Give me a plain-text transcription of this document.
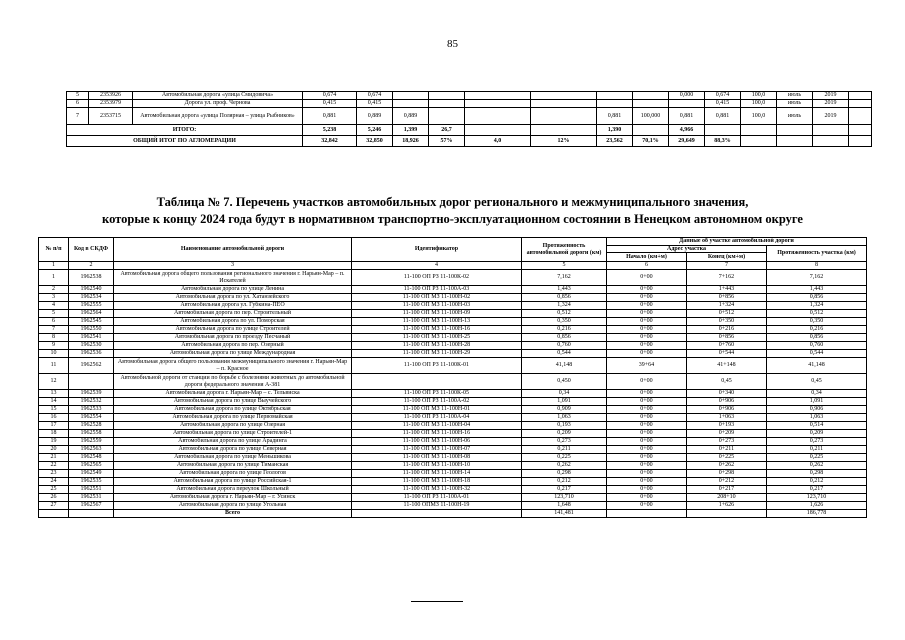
85
5	2353926	Автомобильная дорога «улица Смидовича»	0,674	0,674							0,000	0,674	100,0	июль	2019	
6	2353979	Дорога ул. проф. Чернова	0,415	0,415								0,415	100,0	июль	2019	
7	2353715	Автомобильная дорога «улица Полярная – улица Рыбников»	0,881	0,889	0,889				0,881	100,000	0,881	0,881	100,0	июль	2019	
ИТОГО:			5,238	5,246	1,399	26,7			1,390		4,966					
ОБЩИЙ ИТОГ ПО АГЛОМЕРАЦИИ			32,842	32,850	18,926	57%	4,0	12%	23,562	70,1%	29,649	88,3%				
Таблица № 7. Перечень участков автомобильных дорог регионального и межмуниципального значения,
которые к концу 2024 года будут в нормативном транспортно-эксплуатационном состоянии в Ненецком автономном округе
№ п/п	Код в СКДФ	Наименование автомобильной дороги	Идентификатор	Протяженность автомобильной дороги (км)	Данные об участке автомобильной дороги		
					Адрес участка		Протяженность участка (км)
					Начало (км+м)	Конец (км+м)	
1	2	3	4	5	6	7	8
1	1962538	Автомобильная дорога общего пользования регионального значения г. Нарьян-Мар – п. Искателей	11-100 ОП РЗ 11-100К-02	7,162	0+00	7+162	7,162
2	1962540	Автомобильная дорога по улице Ленина	11-100 ОП РЗ 11-100А-03	1,443	0+00	1+443	1,443
3	1962534	Автомобильная дорога по ул. Хатанзейского	11-100 ОП МЗ 11-100Н-02	0,856	0+00	0+856	0,856
4	1962555	Автомобильная дорога ул. Губкина-ПЕО	11-100 ОП МЗ 11-100Н-03	1,324	0+00	1+324	1,324
5	1962564	Автомобильная дорога по пер. Строительный	11-100 ОП МЗ 11-100Н-09	0,512	0+00	0+512	0,512
6	1962545	Автомобильная дорога по ул. Поморская	11-100 ОП МЗ 11-100Н-13	0,350	0+00	0+350	0,350
7	1962550	Автомобильная дорога по улице Строителей	11-100 ОП МЗ 11-100Н-16	0,216	0+00	0+216	0,216
8	1962541	Автомобильная дорога по проезду Песчаный	11-100 ОП МЗ 11-100Н-25	0,856	0+00	0+856	0,856
9	1962530	Автомобильная дорога по пер. Озерный	11-100 ОП МЗ 11-100Н-28	0,760	0+00	0+760	0,760
10	1962536	Автомобильная дорога по улице Международная	11-100 ОП МЗ 11-100Н-29	0,544	0+00	0+544	0,544
11	1962562	Автомобильная дорога общего пользования межмуниципального значения г. Нарьян-Мар – п. Красное	11-100 ОП РЗ 11-100К-01	41,148	39+64	41+148	41,148
12		Автомобильной дороги от станции по борьбе с болезнями животных до автомобильной дороги федерального значения А-381		0,450	0+00	0,45	0,45
13	1962539	Автомобильная дорога г. Нарьян-Мар – с. Тельвиска	11-100 ОП РЗ 11-100К-05	0,34	0+00	0+340	0,34
14	1962532	Автомобильная дорога по улице Выучейского	11-100 ОП РЗ 11-100А-02	1,091	0+00	0+906	1,091
15	1962533	Автомобильная дорога по улице Октябрьская	11-100 ОП МЗ 11-100Н-01	0,909	0+00	0+906	0,906
16	1962554	Автомобильная дорога по улице Первомайская	11-100 ОП РЗ 11-100А-04	1,063	0+00	1+063	1,063
17	1962528	Автомобильная дорога по улице Озерная	11-100 ОП МЗ 11-100Н-04	0,193	0+00	0+193	0,514
18	1962558	Автомобильная дорога по улице Строителей-1	11-100 ОП МЗ 11-100Н-16	0,209	0+00	0+209	0,209
19	1962559	Автомобильная дорога по улице Арадинга	11-100 ОП МЗ 11-100Н-06	0,273	0+00	0+273	0,273
20	1962563	Автомобильная дорога по улице Северная	11-100 ОП МЗ 11-100Н-07	0,211	0+00	0+211	0,211
21	1962548	Автомобильная дорога по улице Меньшикова	11-100 ОП МЗ 11-100Н-08	0,225	0+00	0+225	0,225
22	1962565	Автомобильная дорога по улице Тиманская	11-100 ОП МЗ 11-100Н-10	0,262	0+00	0+262	0,262
23	1962549	Автомобильная дорога по улице Геологов	11-100 ОП МЗ 11-100Н-14	0,298	0+00	0+298	0,298
24	1962535	Автомобильная дорога по улице Российская-1	11-100 ОП МЗ 11-100Н-18	0,212	0+00	0+212	0,212
25	1962551	Автомобильная дорога переулок Школьный	11-100 ОП МЗ 11-100Н-32	0,217	0+00	0+217	0,217
26	1962531	Автомобильная дорога г. Нарьян-Мар – г. Усинск	11-100 ОП РЗ 11-100А-01	123,710	0+00	208+10	123,710
27	1962567	Автомобильная дорога по улице Угольная	11-100 ОПМЗ 11-100Н-19	1,648	0+00	1+626	1,626
		Всего		141,481			186,778
